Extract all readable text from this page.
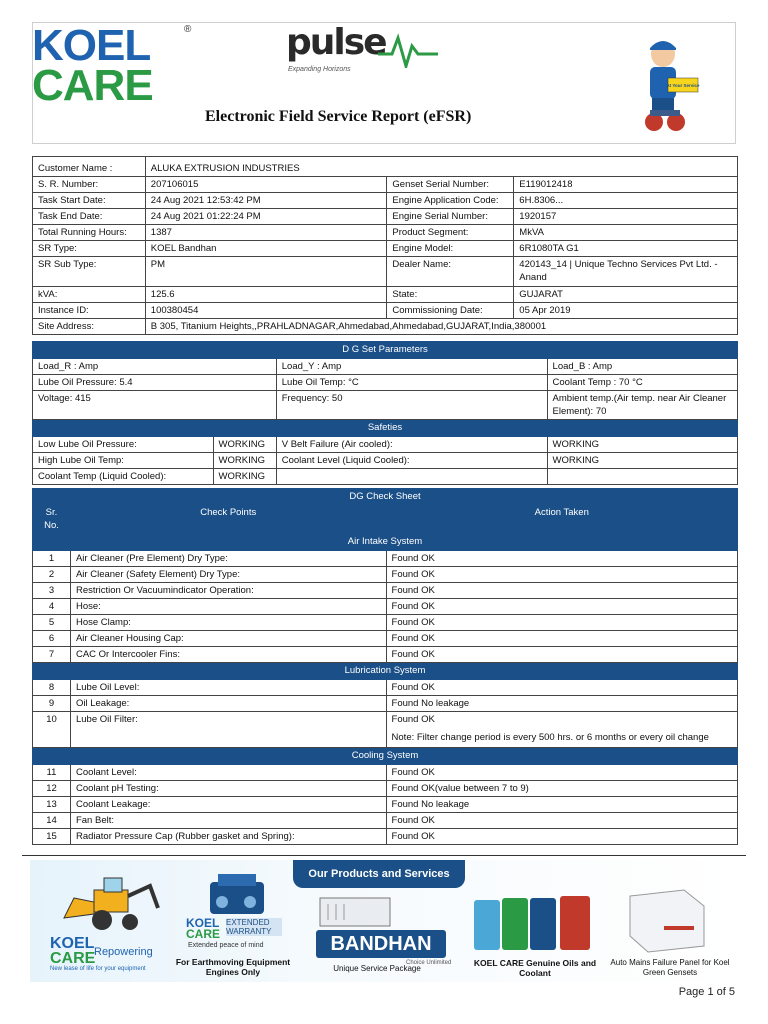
KOEL
CARE
®	pulse
Expanding Horizons
Electronic Field Service Report (eFSR)
At Your Service
Customer Name :	ALUKA EXTRUSION INDUSTRIES		
S. R. Number:	207106015	Genset Serial Number:	E119012418
Task Start Date:	24 Aug 2021 12:53:42 PM	Engine Application Code:	6H.8306...
Task End Date:	24 Aug 2021 01:22:24 PM	Engine Serial Number:	1920157
Total Running Hours:	1387	Product Segment:	MkVA
SR Type:	KOEL Bandhan	Engine Model:	6R1080TA G1
SR Sub Type:	PM	Dealer Name:	420143_14 | Unique Techno Services Pvt Ltd. - Anand
kVA:	125.6	State:	GUJARAT
Instance ID:	100380454	Commissioning Date:	05 Apr 2019
Site Address:	B 305, Titanium Heights,,PRAHLADNAGAR,Ahmedabad,Ahmedabad,GUJARAT,India,380001		
D G Set Parameters			
Load_R : Amp		Load_Y : Amp	Load_B : Amp
Lube Oil Pressure: 5.4		Lube Oil Temp: °C	Coolant Temp : 70 °C
Voltage: 415		Frequency: 50	Ambient temp.(Air temp. near Air Cleaner Element): 70
Safeties			
Low Lube Oil Pressure:	WORKING	V Belt Failure (Air cooled):	WORKING
High Lube Oil Temp:	WORKING	Coolant Level (Liquid Cooled):	WORKING
Coolant Temp (Liquid Cooled):	WORKING		
DG Check Sheet		
Sr. No.	Check Points	Action Taken
Air Intake System		
1	Air Cleaner (Pre Element) Dry Type:	Found OK

2	Air Cleaner (Safety Element) Dry Type:	Found OK

3	Restriction Or Vacuumindicator Operation:	Found OK

4	Hose:	Found OK

5	Hose Clamp:	Found OK

6	Air Cleaner Housing Cap:	Found OK

7	CAC Or Intercooler Fins:	Found OK

Lubrication System		
8	Lube Oil Level:	Found OK

9	Oil Leakage:	Found No leakage

10	Lube Oil Filter:	Found OK
Note: Filter change period is every 500 hrs. or 6 months or every oil change

Cooling System		
11	Coolant Level:	Found OK

12	Coolant pH Testing:	Found OK(value between 7 to 9)

13	Coolant Leakage:	Found No leakage

14	Fan Belt:	Found OK

15	Radiator Pressure Cap (Rubber gasket and Spring):	Found OK
Our Products and Services
KOEL
CARE
Repowering
New lease of life for your equipment
KOEL
CARE
EXTENDED WARRANTY
Extended peace of mind
For Earthmoving Equipment Engines Only
BANDHAN
Choice Unlimited
Unique Service Package
KOEL CARE Genuine Oils and Coolant
Auto Mains Failure Panel for Koel Green Gensets
Page 1 of 5
